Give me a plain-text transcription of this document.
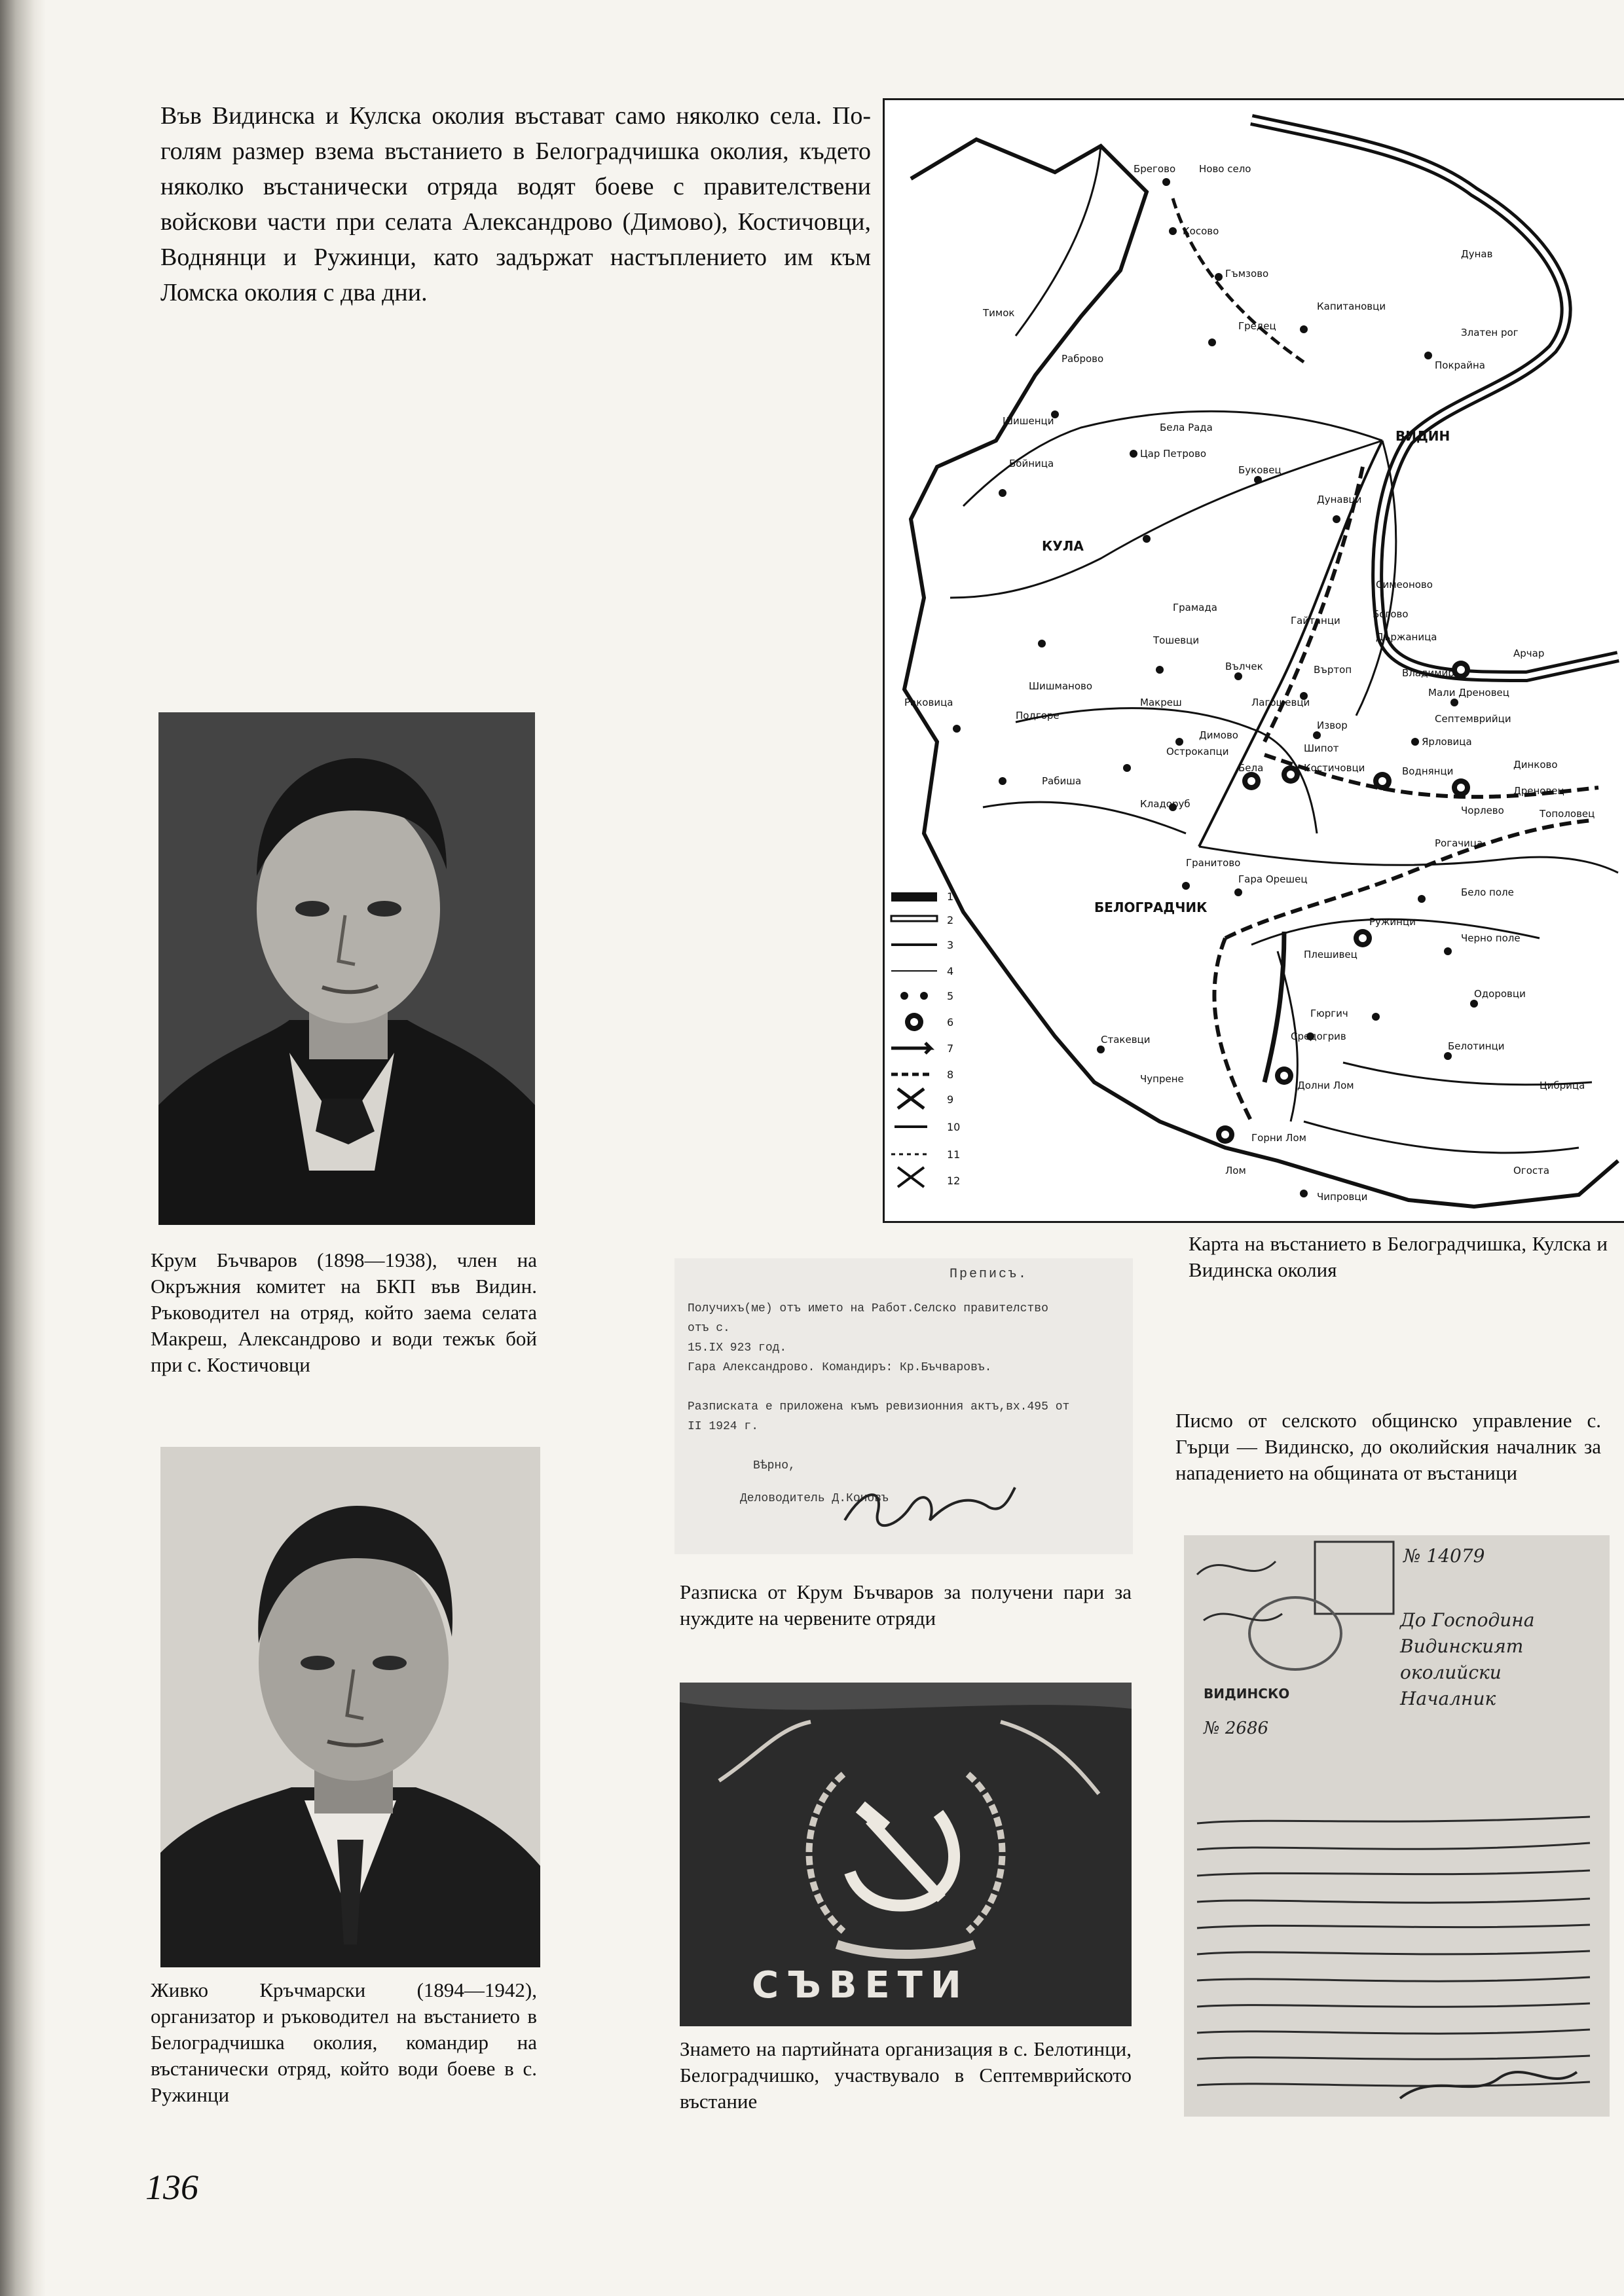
Във Видинска и Кулска околия въстават само няколко села. По-голям размер взема въстанието в Белоградчишка околия, където няколко въстанически отряда водят боеве с правителствени войскови части при селата Александрово (Димово), Костичовци, Воднянци и Ружинци, като задържат настъплението им към Ломска околия с два дни.

Ново село
Брегово
Косово
Гъмзово
Дунав
Капитановци
Златен рог
Гредец
Покрайна
Раброво
Тимок
Бела Рада
ВИДИН
Шишенци
Бойница
Цар Петрово
Буковец
Дунавци
КУЛА
Симеоново
Бoгово
Гайтанци
Държаница
Арчар
Гpамада
Тошевци
Вълчек	Въртоп	Владимир
Мали Дреновец
Раковица
Шишманово
Макреш	Лагошевци
Септемврийци
Подгоре
Димово
Извор
Ярловица
Острокапци	Шипот
Рабиша
Бела	Костичовци	Воднянци
Динково
Кладоруб
Чорлево
Дреновец
Тополовец
Гранитово
Рогачица
Гара Орешец
Бело поле
БЕЛОГРАДЧИК
Ружинци
Черно поле
Плешивец
Одоровци
Гюргич
Стакевци	Средогрив
Белотинци
Чупрене
Долни Лом
Горни Лом
Лом
Чипровци
Огоста
Цибрица
1
2
3
4
5
6
7
8
9
10
11
12

Карта на въстанието в Белоградчишка, Кулска и Видинска околия

Крум Бъчваров (1898—1938), член на Окръжния комитет на БКП във Видин. Ръководител на отряд, който заема селата Макреш, Александрово и води тежък бой при с. Костичовци

Живко Кръчмарски (1894—1942), организатор и ръководител на въстанието в Белоградчишка околия, командир на въстанически отряд, който води боеве в с. Ружинци

Преписъ.
Получихъ(ме) отъ името на Работ.Селско правителство
отъ с.
15.IX 923 год.
Гара Александрово. Командиръ: Кр.Бъчваровъ.
Разписката е приложена къмъ ревизионния актъ,вх.495 от
II 1924 г.
Вѣрно,
Деловодитель Д.Коновъ

Разписка от Крум Бъчваров за получени пари за нуждите на червените отряди

СЪВЕТИ

Знамето на партийната организация в с. Белотинци, Белоградчишко, участвувало в Септемврийското въстание

Писмо от селското общинско управление с. Гърци — Видинско, до околийския началник за нападението на общината от въстаници

№ 14079
ВИДИНСКО
№ 2686
До Господина Видинският околийски Началник

136
